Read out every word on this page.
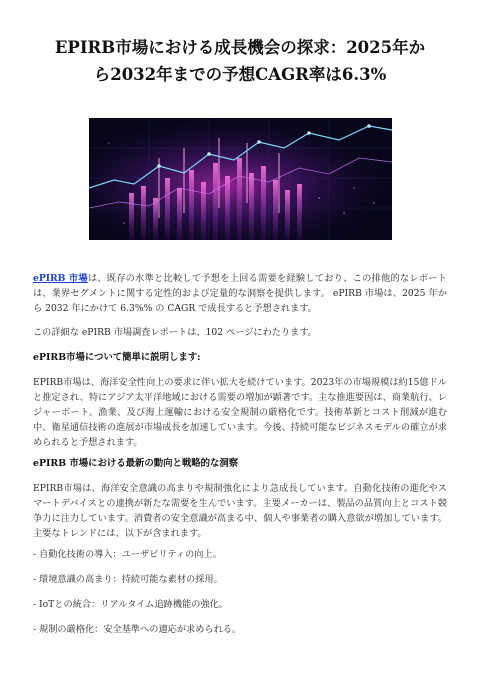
EPIRB市場における成長機会の探求：2025年か
ら2032年までの予想CAGR率は6.3%

ePIRB 市場は、既存の水準と比較して予想を上回る需要を経験しており、この排他的なレポートは、業界セグメントに関する定性的および定量的な洞察を提供します。 ePIRB 市場は、2025 年から 2032 年にかけて 6.3%% の CAGR で成長すると予想されます。

この詳細な ePIRB 市場調査レポートは、102 ページにわたります。

ePIRB市場について簡単に説明します:

EPIRB市場は、海洋安全性向上の要求に伴い拡大を続けています。2023年の市場規模は約15億ドルと推定され、特にアジア太平洋地域における需要の増加が顕著です。主な推進要因は、商業航行、レジャーボート、漁業、及び海上運輸における安全規制の厳格化です。技術革新とコスト削減が進む中、衛星通信技術の進展が市場成長を加速しています。今後、持続可能なビジネスモデルの確立が求められると予想されます。

ePIRB 市場における最新の動向と戦略的な洞察

EPIRB市場は、海洋安全意識の高まりや規制強化により急成長しています。自動化技術の進化やスマートデバイスとの連携が新たな需要を生んでいます。主要メーカーは、製品の品質向上とコスト競争力に注力しています。消費者の安全意識が高まる中、個人や事業者の購入意欲が増加しています。主要なトレンドには、以下が含まれます。

- 自動化技術の導入：ユーザビリティの向上。

- 環境意識の高まり：持続可能な素材の採用。

- IoTとの統合：リアルタイム追跡機能の強化。

- 規制の厳格化：安全基準への適応が求められる。
